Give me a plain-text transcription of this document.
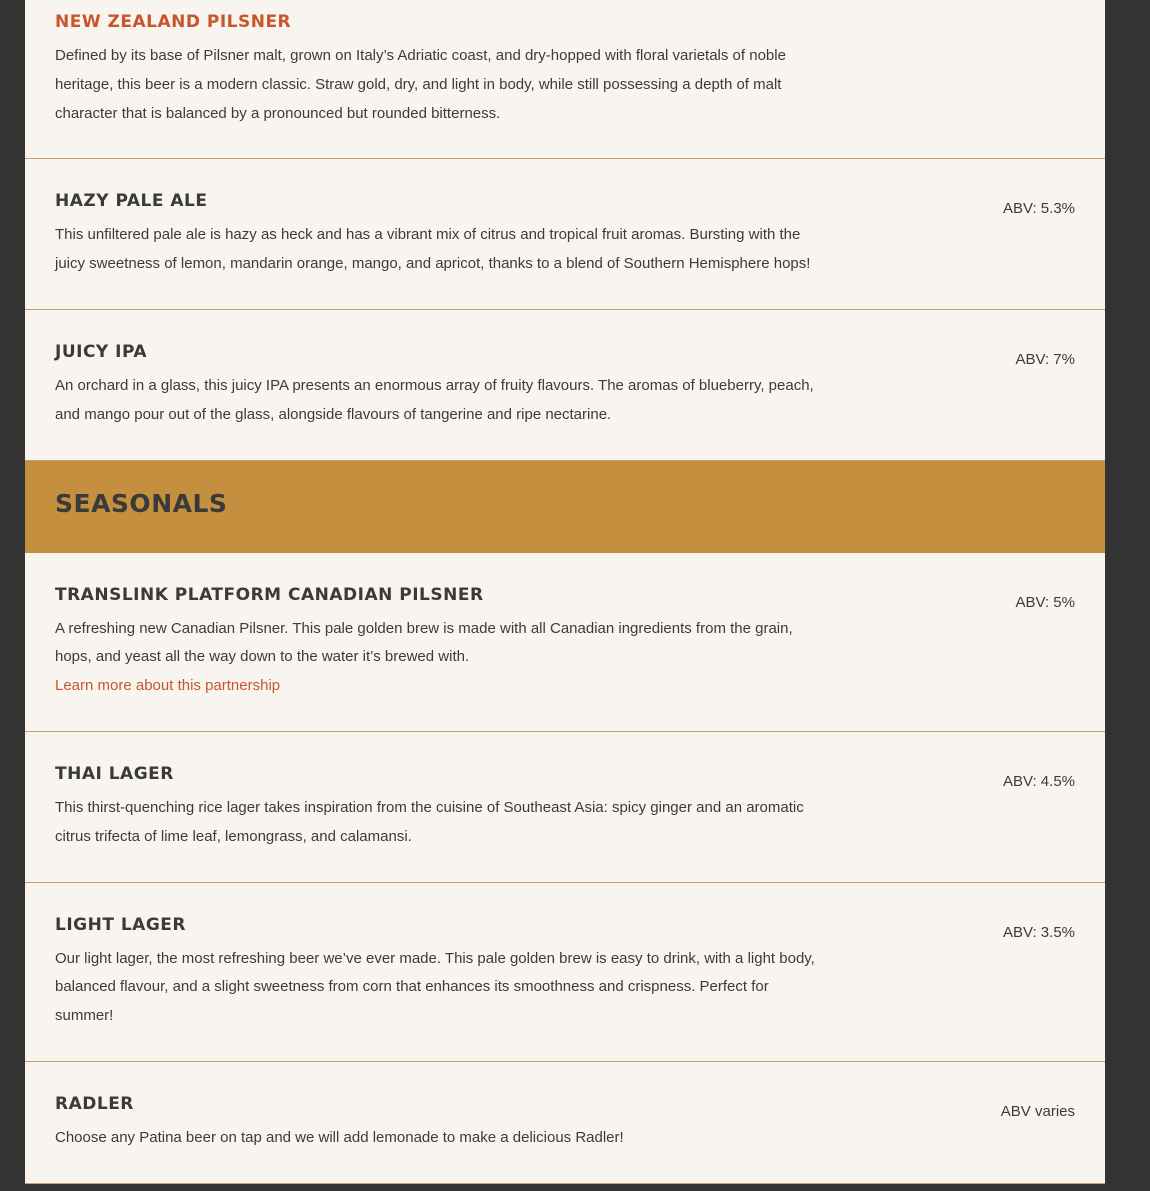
NEW ZEALAND PILSNER

Defined by its base of Pilsner malt, grown on Italy’s Adriatic coast, and dry-hopped with floral varietals of noble heritage, this beer is a modern classic. Straw gold, dry, and light in body, while still possessing a depth of malt character that is balanced by a pronounced but rounded bitterness.

HAZY PALE ALE	ABV: 5.3%

This unfiltered pale ale is hazy as heck and has a vibrant mix of citrus and tropical fruit aromas. Bursting with the juicy sweetness of lemon, mandarin orange, mango, and apricot, thanks to a blend of Southern Hemisphere hops!

JUICY IPA	ABV: 7%

An orchard in a glass, this juicy IPA presents an enormous array of fruity flavours. The aromas of blueberry, peach, and mango pour out of the glass, alongside flavours of tangerine and ripe nectarine.

SEASONALS
TRANSLINK PLATFORM CANADIAN PILSNER	ABV: 5%

A refreshing new Canadian Pilsner. This pale golden brew is made with all Canadian ingredients from the grain, hops, and yeast all the way down to the water it’s brewed with.

Learn more about this partnership
THAI LAGER	ABV: 4.5%

This thirst-quenching rice lager takes inspiration from the cuisine of Southeast Asia: spicy ginger and an aromatic citrus trifecta of lime leaf, lemongrass, and calamansi.

LIGHT LAGER	ABV: 3.5%

Our light lager, the most refreshing beer we’ve ever made. This pale golden brew is easy to drink, with a light body, balanced flavour, and a slight sweetness from corn that enhances its smoothness and crispness. Perfect for summer!

RADLER	ABV varies

Choose any Patina beer on tap and we will add lemonade to make a delicious Radler!
